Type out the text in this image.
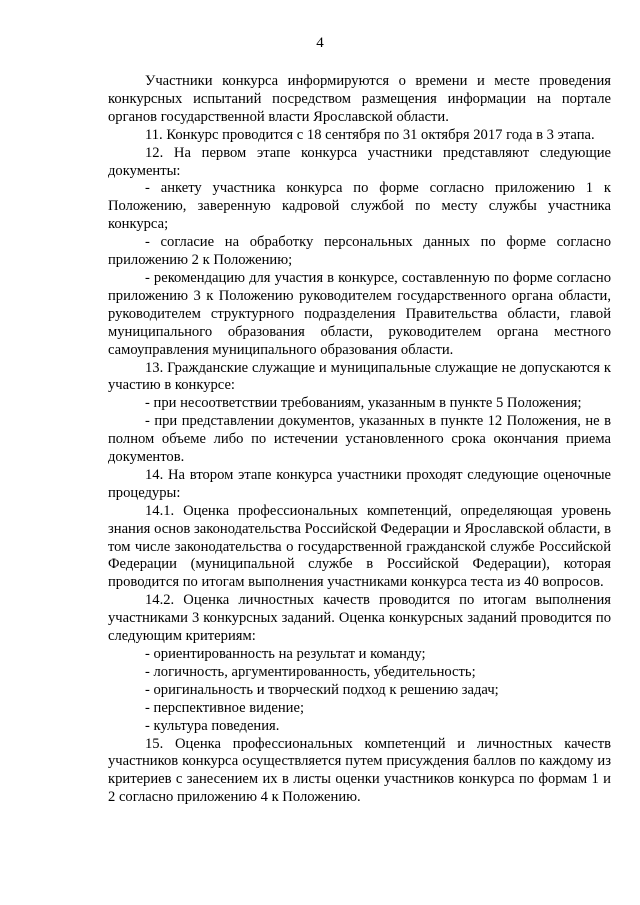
4

Участники конкурса информируются о времени и месте проведения конкурсных испытаний посредством размещения информации на портале органов государственной власти Ярославской области.

11. Конкурс проводится с 18 сентября по 31 октября 2017 года в 3 этапа.

12. На первом этапе конкурса участники представляют следующие документы:

- анкету участника конкурса по форме согласно приложению 1 к Положению, заверенную кадровой службой по месту службы участника конкурса;

- согласие на обработку персональных данных по форме согласно приложению 2 к Положению;

- рекомендацию для участия в конкурсе, составленную по форме согласно приложению 3 к Положению руководителем государственного органа области, руководителем структурного подразделения Правительства области, главой муниципального образования области, руководителем органа местного самоуправления муниципального образования области.

13. Гражданские служащие и муниципальные служащие не допускаются к участию в конкурсе:

- при несоответствии требованиям, указанным в пункте 5 Положения;

- при представлении документов, указанных в пункте 12 Положения, не в полном объеме либо по истечении установленного срока окончания приема документов.

14. На втором этапе конкурса участники проходят следующие оценочные процедуры:

14.1. Оценка профессиональных компетенций, определяющая уровень знания основ законодательства Российской Федерации и Ярославской области, в том числе законодательства о государственной гражданской службе Российской Федерации (муниципальной службе в Российской Федерации), которая проводится по итогам выполнения участниками конкурса теста из 40 вопросов.

14.2. Оценка личностных качеств проводится по итогам выполнения участниками 3 конкурсных заданий. Оценка конкурсных заданий проводится по следующим критериям:

- ориентированность на результат и команду;

- логичность, аргументированность, убедительность;

- оригинальность и творческий подход к решению задач;

- перспективное видение;

- культура поведения.

15. Оценка профессиональных компетенций и личностных качеств участников конкурса осуществляется путем присуждения баллов по каждому из критериев с занесением их в листы оценки участников конкурса по формам 1 и 2 согласно приложению 4 к Положению.
